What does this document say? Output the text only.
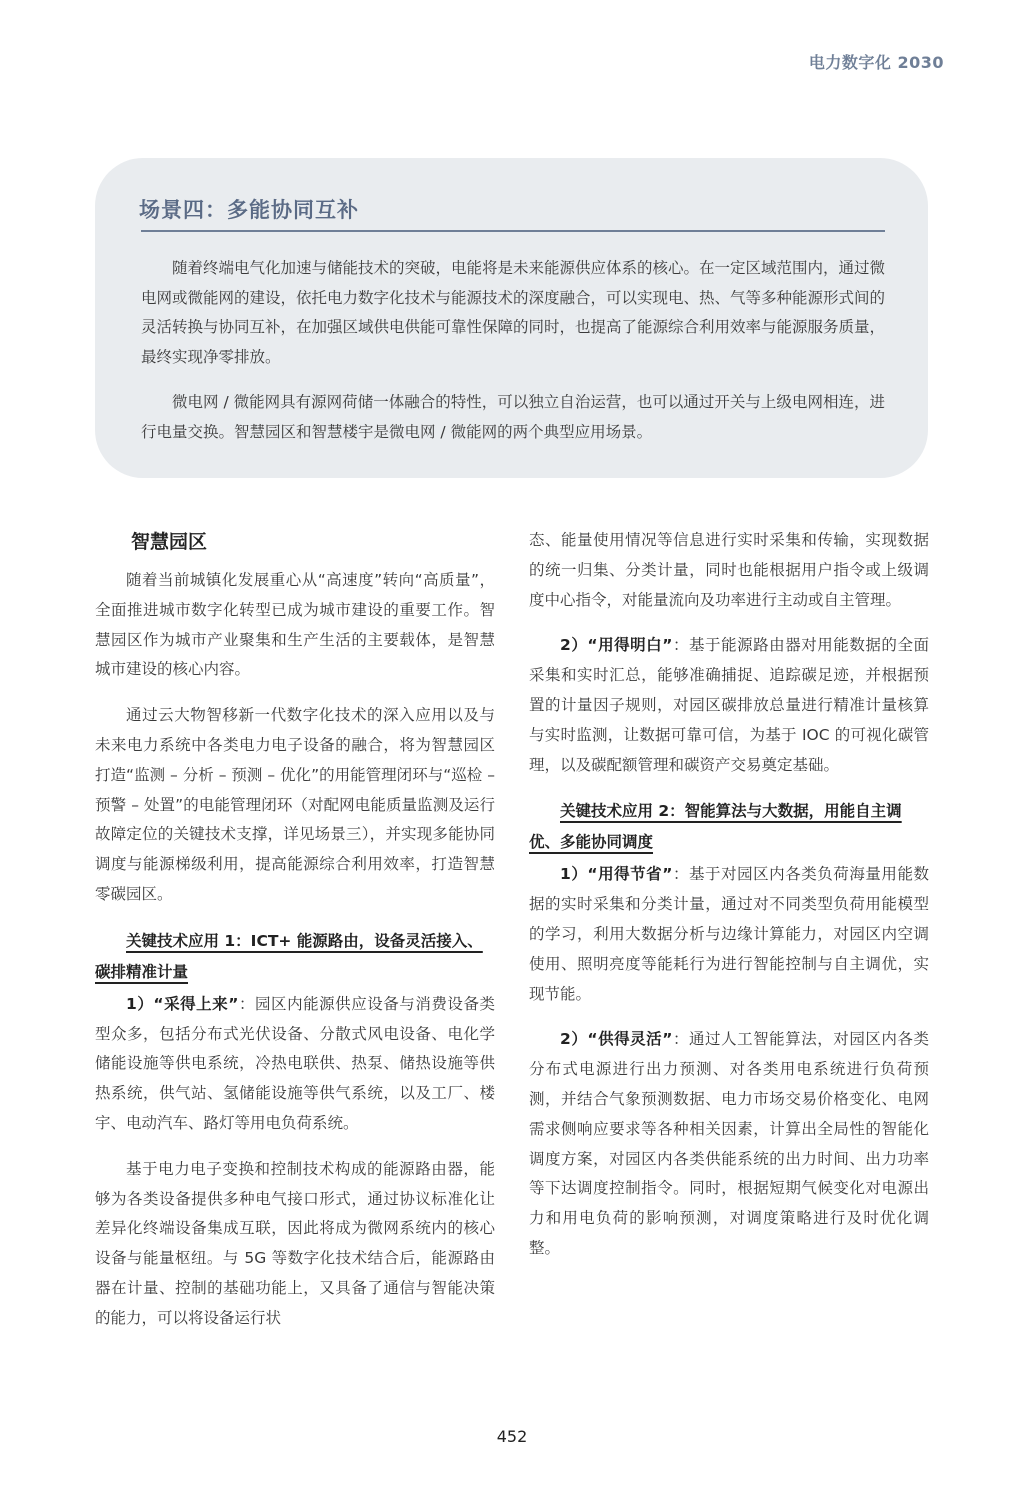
电力数字化 2030
场景四：多能协同互补

随着终端电气化加速与储能技术的突破，电能将是未来能源供应体系的核心。在一定区域范围内，通过微电网或微能网的建设，依托电力数字化技术与能源技术的深度融合，可以实现电、热、气等多种能源形式间的灵活转换与协同互补，在加强区域供电供能可靠性保障的同时，也提高了能源综合利用效率与能源服务质量，最终实现净零排放。

微电网 / 微能网具有源网荷储一体融合的特性，可以独立自治运营，也可以通过开关与上级电网相连，进行电量交换。智慧园区和智慧楼宇是微电网 / 微能网的两个典型应用场景。

智慧园区

随着当前城镇化发展重心从“高速度”转向“高质量”，全面推进城市数字化转型已成为城市建设的重要工作。智慧园区作为城市产业聚集和生产生活的主要载体，是智慧城市建设的核心内容。

通过云大物智移新一代数字化技术的深入应用以及与未来电力系统中各类电力电子设备的融合，将为智慧园区打造“监测 – 分析 – 预测 – 优化”的用能管理闭环与“巡检 – 预警 – 处置”的电能管理闭环（对配网电能质量监测及运行故障定位的关键技术支撑，详见场景三），并实现多能协同调度与能源梯级利用，提高能源综合利用效率，打造智慧零碳园区。

关键技术应用 1：ICT+ 能源路由，设备灵活接入、碳排精准计量

1）“采得上来”：园区内能源供应设备与消费设备类型众多，包括分布式光伏设备、分散式风电设备、电化学储能设施等供电系统，冷热电联供、热泵、储热设施等供热系统，供气站、氢储能设施等供气系统，以及工厂、楼宇、电动汽车、路灯等用电负荷系统。

基于电力电子变换和控制技术构成的能源路由器，能够为各类设备提供多种电气接口形式，通过协议标准化让差异化终端设备集成互联，因此将成为微网系统内的核心设备与能量枢纽。与 5G 等数字化技术结合后，能源路由器在计量、控制的基础功能上，又具备了通信与智能决策的能力，可以将设备运行状

态、能量使用情况等信息进行实时采集和传输，实现数据的统一归集、分类计量，同时也能根据用户指令或上级调度中心指令，对能量流向及功率进行主动或自主管理。

2）“用得明白”：基于能源路由器对用能数据的全面采集和实时汇总，能够准确捕捉、追踪碳足迹，并根据预置的计量因子规则，对园区碳排放总量进行精准计量核算与实时监测，让数据可靠可信，为基于 IOC 的可视化碳管理，以及碳配额管理和碳资产交易奠定基础。

关键技术应用 2：智能算法与大数据，用能自主调优、多能协同调度

1）“用得节省”：基于对园区内各类负荷海量用能数据的实时采集和分类计量，通过对不同类型负荷用能模型的学习，利用大数据分析与边缘计算能力，对园区内空调使用、照明亮度等能耗行为进行智能控制与自主调优，实现节能。

2）“供得灵活”：通过人工智能算法，对园区内各类分布式电源进行出力预测、对各类用电系统进行负荷预测，并结合气象预测数据、电力市场交易价格变化、电网需求侧响应要求等各种相关因素，计算出全局性的智能化调度方案，对园区内各类供能系统的出力时间、出力功率等下达调度控制指令。同时，根据短期气候变化对电源出力和用电负荷的影响预测，对调度策略进行及时优化调整。

452
